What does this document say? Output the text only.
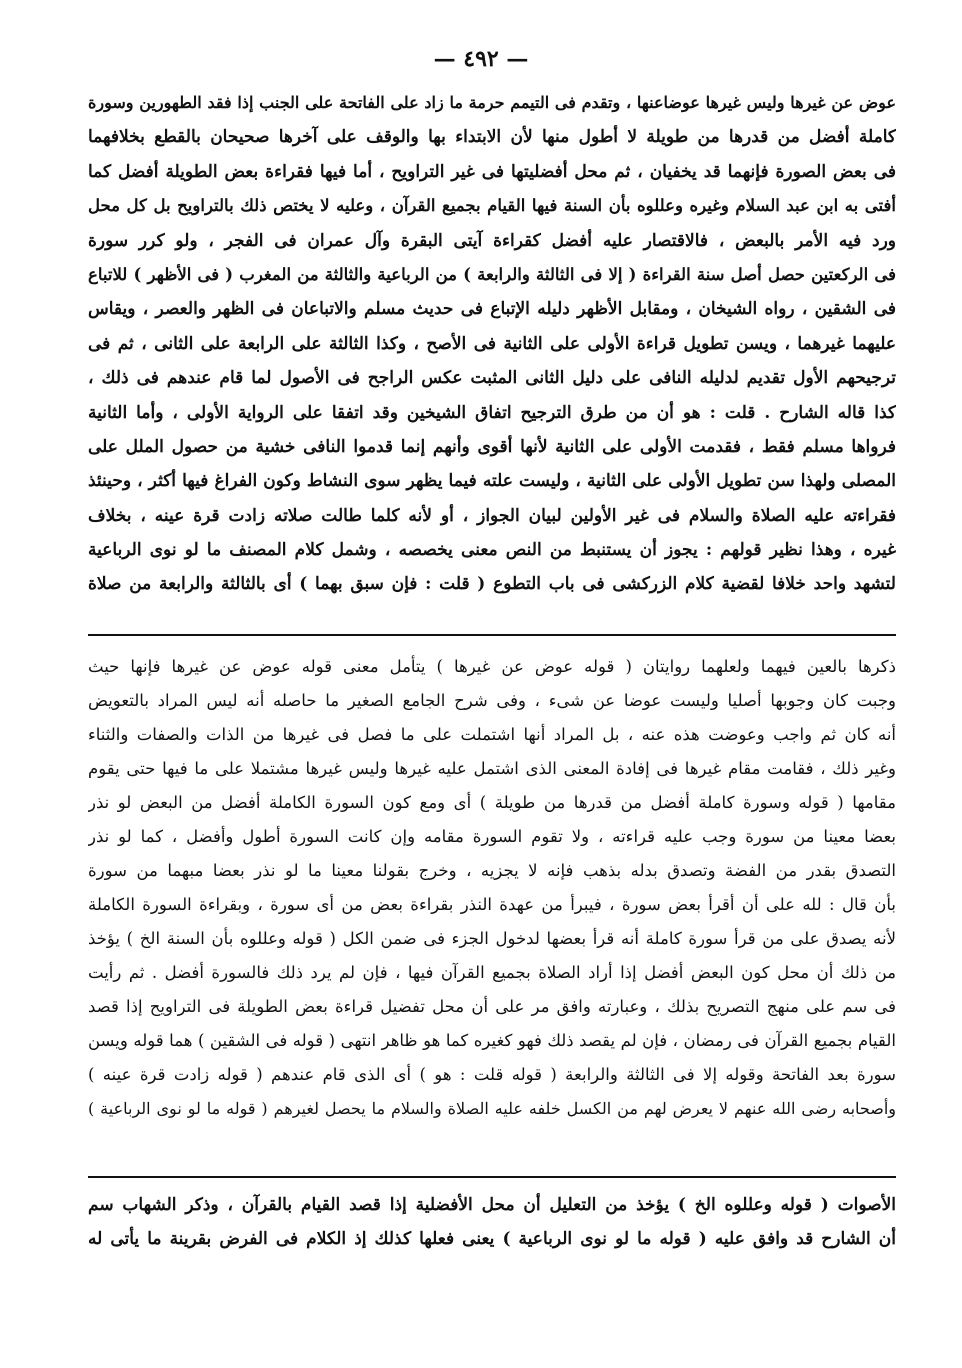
— ٤٩٢ —
عوض عن غيرها وليس غيرها عوضاعنها ، وتقدم فى التيمم حرمة ما زاد على الفاتحة على الجنب إذا فقد الطهورين وسورة
كاملة أفضل من قدرها من طويلة لا أطول منها لأن الابتداء بها والوقف على آخرها صحيحان بالقطع بخلافهما
فى بعض الصورة فإنهما قد يخفيان ، ثم محل أفضليتها فى غير التراويح ، أما فيها فقراءة بعض الطويلة أفضل كما
أفتى به ابن عبد السلام وغيره وعللوه بأن السنة فيها القيام بجميع القرآن ، وعليه لا يختص ذلك بالتراويح بل كل محل
ورد فيه الأمر بالبعض ، فالاقتصار عليه أفضل كقراءة آيتى البقرة وآل عمران فى الفجر ، ولو كرر سورة
فى الركعتين حصل أصل سنة القراءة ( إلا فى الثالثة والرابعة ) من الرباعية والثالثة من المغرب ( فى الأظهر ) للاتباع
فى الشقين ، رواه الشيخان ، ومقابل الأظهر دليله الإتباع فى حديث مسلم والاتباعان فى الظهر والعصر ، ويقاس
عليهما غيرهما ، ويسن تطويل قراءة الأولى على الثانية فى الأصح ، وكذا الثالثة على الرابعة على الثانى ، ثم فى
ترجيحهم الأول تقديم لدليله النافى على دليل الثانى المثبت عكس الراجح فى الأصول لما قام عندهم فى ذلك ،
كذا قاله الشارح . قلت : هو أن من طرق الترجيح اتفاق الشيخين وقد اتفقا على الرواية الأولى ، وأما الثانية
فرواها مسلم فقط ، فقدمت الأولى على الثانية لأنها أقوى وأنهم إنما قدموا النافى خشية من حصول الملل على
المصلى ولهذا سن تطويل الأولى على الثانية ، وليست علته فيما يظهر سوى النشاط وكون الفراغ فيها أكثر ، وحينئذ
فقراءته عليه الصلاة والسلام فى غير الأولين لبيان الجواز ، أو لأنه كلما طالت صلاته زادت قرة عينه ، بخلاف
غيره ، وهذا نظير قولهم : يجوز أن يستنبط من النص معنى يخصصه ، وشمل كلام المصنف ما لو نوى الرباعية
لتشهد واحد خلافا لقضية كلام الزركشى فى باب التطوع ( قلت : فإن سبق بهما ) أى بالثالثة والرابعة من صلاة
ذكرها بالعين فيهما ولعلهما روايتان ( قوله عوض عن غيرها ) يتأمل معنى قوله عوض عن غيرها فإنها حيث
وجبت كان وجوبها أصليا وليست عوضا عن شىء ، وفى شرح الجامع الصغير ما حاصله أنه ليس المراد بالتعويض
أنه كان ثم واجب وعوضت هذه عنه ، بل المراد أنها اشتملت على ما فصل فى غيرها من الذات والصفات والثناء
وغير ذلك ، فقامت مقام غيرها فى إفادة المعنى الذى اشتمل عليه غيرها وليس غيرها مشتملا على ما فيها حتى يقوم
مقامها ( قوله وسورة كاملة أفضل من قدرها من طويلة ) أى ومع كون السورة الكاملة أفضل من البعض لو نذر
بعضا معينا من سورة وجب عليه قراءته ، ولا تقوم السورة مقامه وإن كانت السورة أطول وأفضل ، كما لو نذر
التصدق بقدر من الفضة وتصدق بدله بذهب فإنه لا يجزيه ، وخرج بقولنا معينا ما لو نذر بعضا مبهما من سورة
بأن قال : لله على أن أقرأ بعض سورة ، فيبرأ من عهدة النذر بقراءة بعض من أى سورة ، وبقراءة السورة الكاملة
لأنه يصدق على من قرأ سورة كاملة أنه قرأ بعضها لدخول الجزء فى ضمن الكل ( قوله وعللوه بأن السنة الخ ) يؤخذ
من ذلك أن محل كون البعض أفضل إذا أراد الصلاة بجميع القرآن فيها ، فإن لم يرد ذلك فالسورة أفضل . ثم رأيت
فى سم على منهج التصريح بذلك ، وعبارته وافق مر على أن محل تفضيل قراءة بعض الطويلة فى التراويح إذا قصد
القيام بجميع القرآن فى رمضان ، فإن لم يقصد ذلك فهو كغيره كما هو ظاهر انتهى ( قوله فى الشقين ) هما قوله ويسن
سورة بعد الفاتحة وقوله إلا فى الثالثة والرابعة ( قوله قلت : هو ) أى الذى قام عندهم ( قوله زادت قرة عينه )
وأصحابه رضى الله عنهم لا يعرض لهم من الكسل خلفه عليه الصلاة والسلام ما يحصل لغيرهم ( قوله ما لو نوى الرباعية )
الأصوات ( قوله وعللوه الخ ) يؤخذ من التعليل أن محل الأفضلية إذا قصد القيام بالقرآن ، وذكر الشهاب سم
أن الشارح قد وافق عليه ( قوله ما لو نوى الرباعية ) يعنى فعلها كذلك إذ الكلام فى الفرض بقرينة ما يأتى له
